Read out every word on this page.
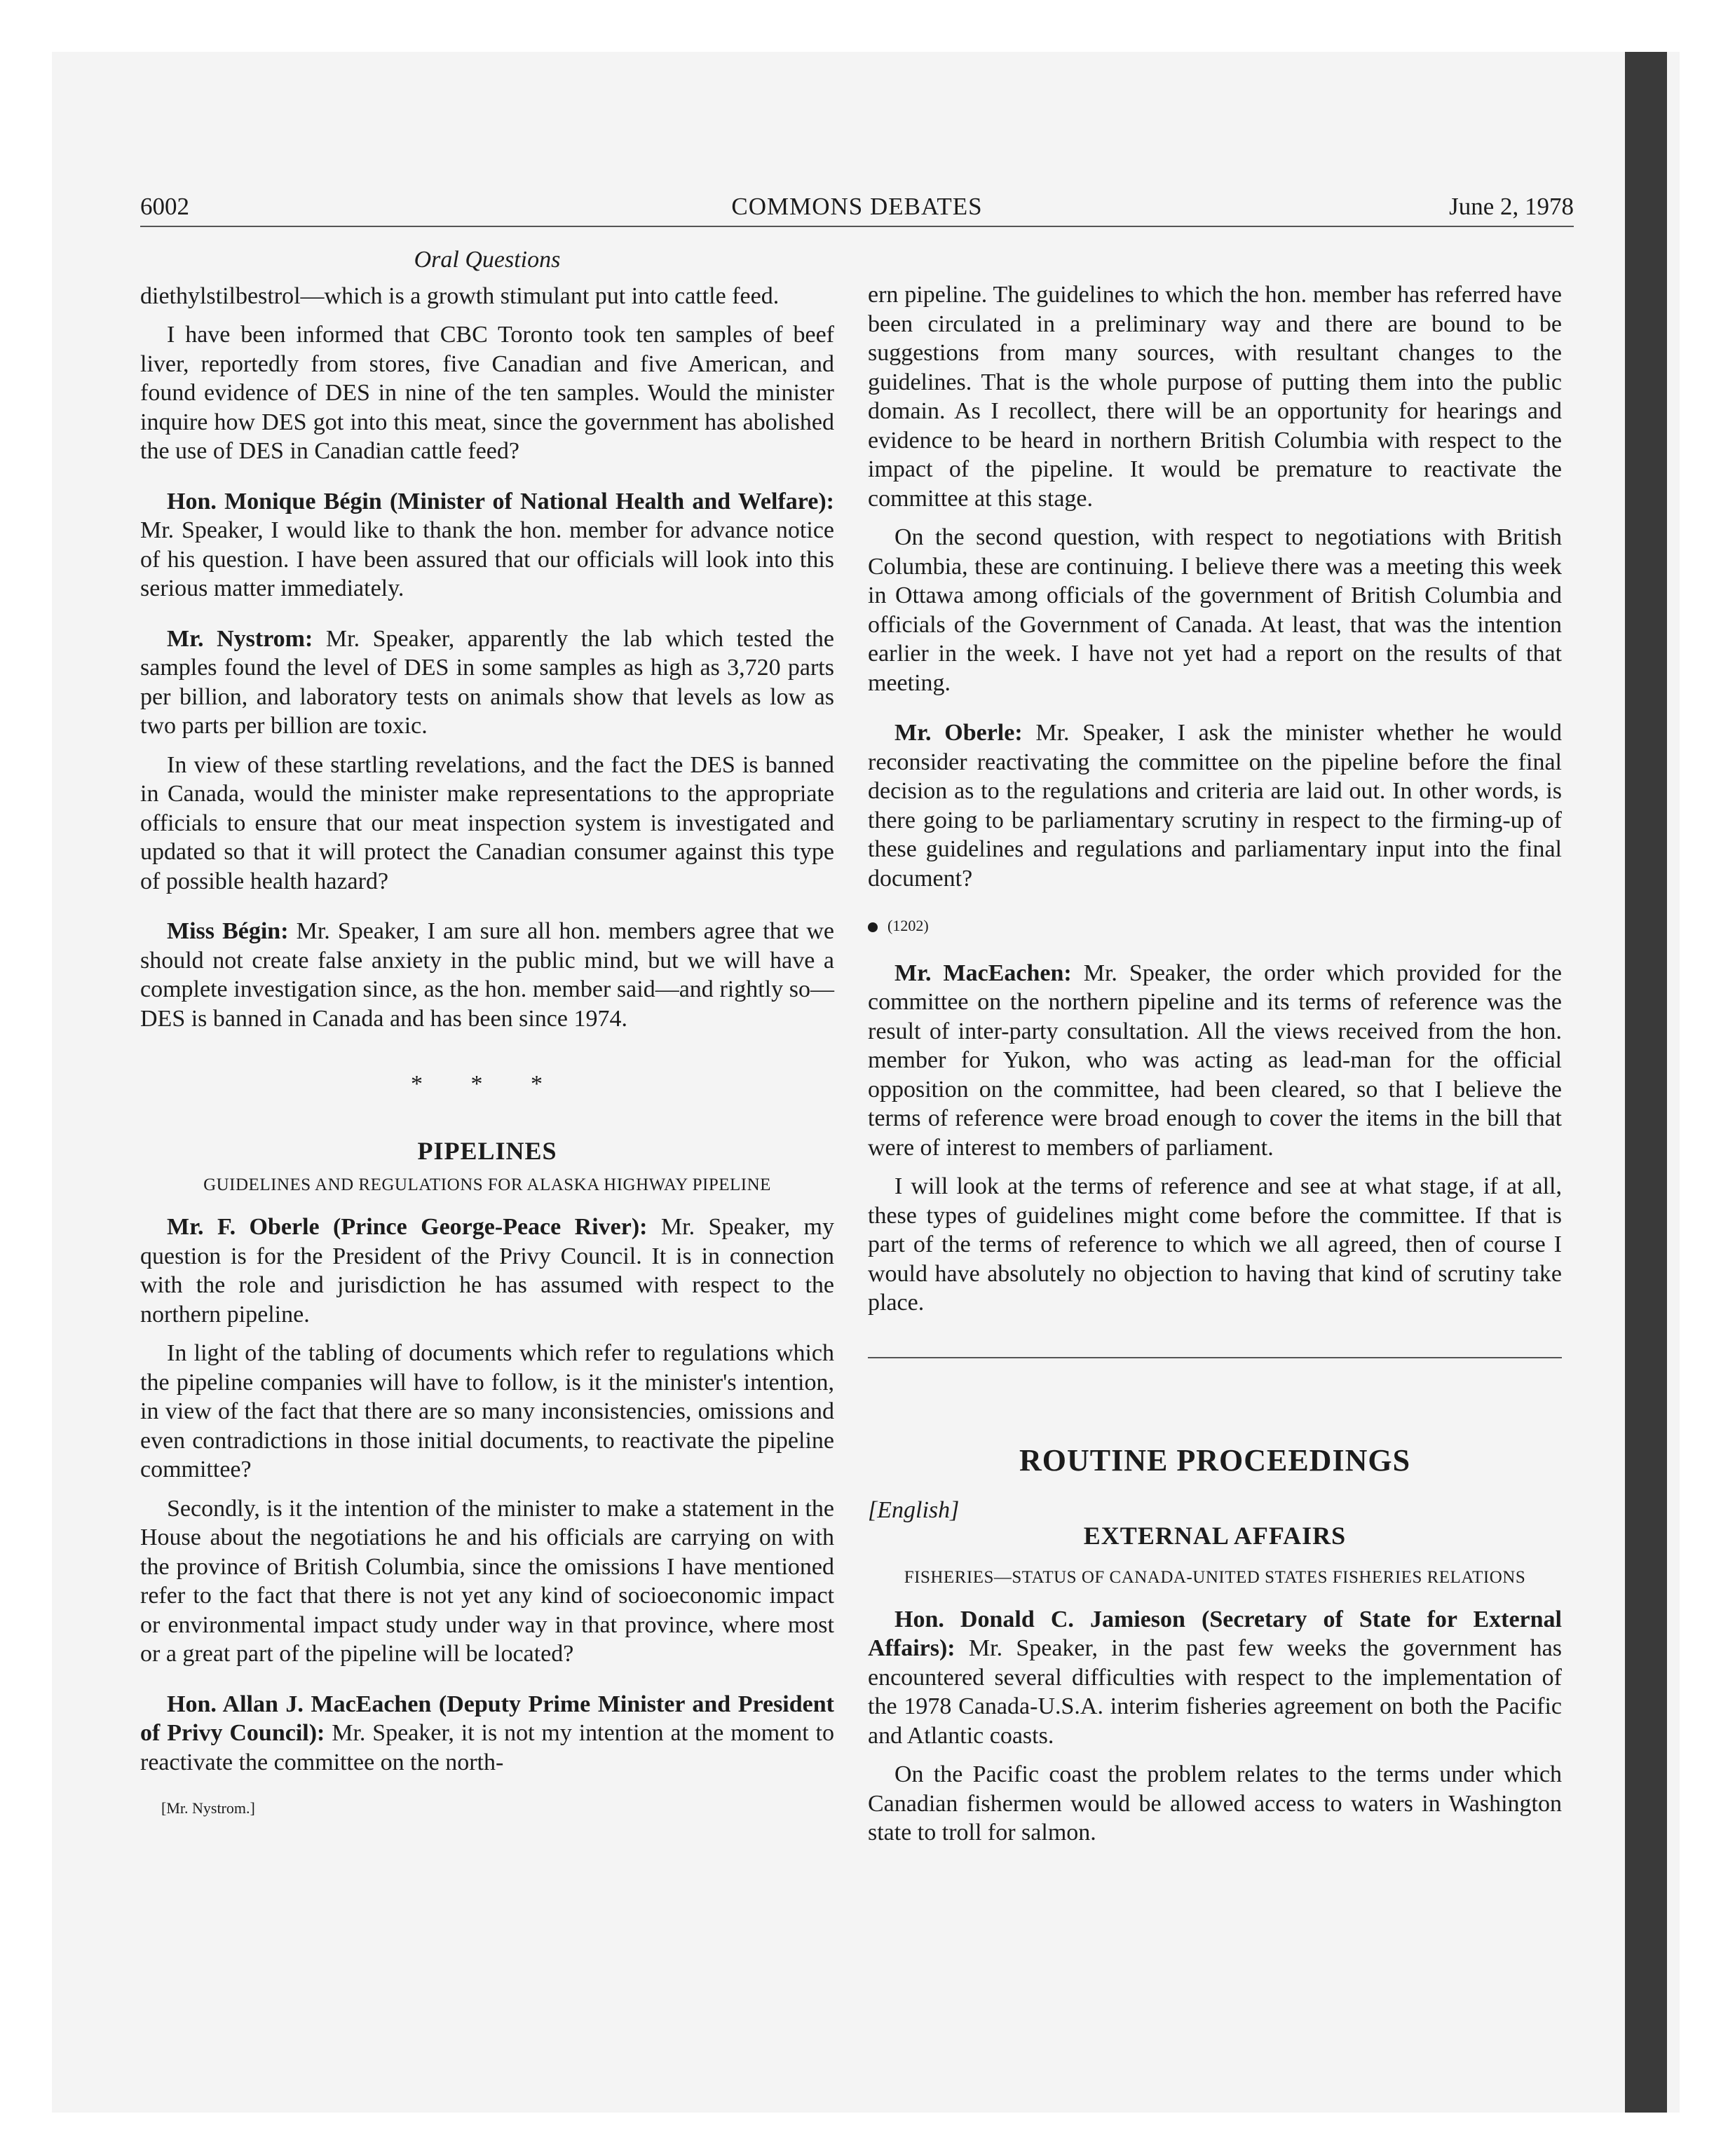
6002	COMMONS DEBATES	June 2, 1978
Oral Questions

diethylstilbestrol—which is a growth stimulant put into cattle feed.

I have been informed that CBC Toronto took ten samples of beef liver, reportedly from stores, five Canadian and five American, and found evidence of DES in nine of the ten samples. Would the minister inquire how DES got into this meat, since the government has abolished the use of DES in Canadian cattle feed?

Hon. Monique Bégin (Minister of National Health and Welfare): Mr. Speaker, I would like to thank the hon. member for advance notice of his question. I have been assured that our officials will look into this serious matter immediately.

Mr. Nystrom: Mr. Speaker, apparently the lab which tested the samples found the level of DES in some samples as high as 3,720 parts per billion, and laboratory tests on animals show that levels as low as two parts per billion are toxic.

In view of these startling revelations, and the fact the DES is banned in Canada, would the minister make representations to the appropriate officials to ensure that our meat inspection system is investigated and updated so that it will protect the Canadian consumer against this type of possible health hazard?

Miss Bégin: Mr. Speaker, I am sure all hon. members agree that we should not create false anxiety in the public mind, but we will have a complete investigation since, as the hon. member said—and rightly so—DES is banned in Canada and has been since 1974.

* * *
PIPELINES
GUIDELINES AND REGULATIONS FOR ALASKA HIGHWAY PIPELINE

Mr. F. Oberle (Prince George-Peace River): Mr. Speaker, my question is for the President of the Privy Council. It is in connection with the role and jurisdiction he has assumed with respect to the northern pipeline.

In light of the tabling of documents which refer to regulations which the pipeline companies will have to follow, is it the minister's intention, in view of the fact that there are so many inconsistencies, omissions and even contradictions in those initial documents, to reactivate the pipeline committee?

Secondly, is it the intention of the minister to make a statement in the House about the negotiations he and his officials are carrying on with the province of British Columbia, since the omissions I have mentioned refer to the fact that there is not yet any kind of socioeconomic impact or environmental impact study under way in that province, where most or a great part of the pipeline will be located?

Hon. Allan J. MacEachen (Deputy Prime Minister and President of Privy Council): Mr. Speaker, it is not my intention at the moment to reactivate the committee on the north-

[Mr. Nystrom.]

ern pipeline. The guidelines to which the hon. member has referred have been circulated in a preliminary way and there are bound to be suggestions from many sources, with resultant changes to the guidelines. That is the whole purpose of putting them into the public domain. As I recollect, there will be an opportunity for hearings and evidence to be heard in northern British Columbia with respect to the impact of the pipeline. It would be premature to reactivate the committee at this stage.

On the second question, with respect to negotiations with British Columbia, these are continuing. I believe there was a meeting this week in Ottawa among officials of the government of British Columbia and officials of the Government of Canada. At least, that was the intention earlier in the week. I have not yet had a report on the results of that meeting.

Mr. Oberle: Mr. Speaker, I ask the minister whether he would reconsider reactivating the committee on the pipeline before the final decision as to the regulations and criteria are laid out. In other words, is there going to be parliamentary scrutiny in respect to the firming-up of these guidelines and regulations and parliamentary input into the final document?

(1202)

Mr. MacEachen: Mr. Speaker, the order which provided for the committee on the northern pipeline and its terms of reference was the result of inter-party consultation. All the views received from the hon. member for Yukon, who was acting as lead-man for the official opposition on the committee, had been cleared, so that I believe the terms of reference were broad enough to cover the items in the bill that were of interest to members of parliament.

I will look at the terms of reference and see at what stage, if at all, these types of guidelines might come before the committee. If that is part of the terms of reference to which we all agreed, then of course I would have absolutely no objection to having that kind of scrutiny take place.

ROUTINE PROCEEDINGS
[English]
EXTERNAL AFFAIRS
FISHERIES—STATUS OF CANADA-UNITED STATES FISHERIES RELATIONS

Hon. Donald C. Jamieson (Secretary of State for External Affairs): Mr. Speaker, in the past few weeks the government has encountered several difficulties with respect to the implementation of the 1978 Canada-U.S.A. interim fisheries agreement on both the Pacific and Atlantic coasts.

On the Pacific coast the problem relates to the terms under which Canadian fishermen would be allowed access to waters in Washington state to troll for salmon.
